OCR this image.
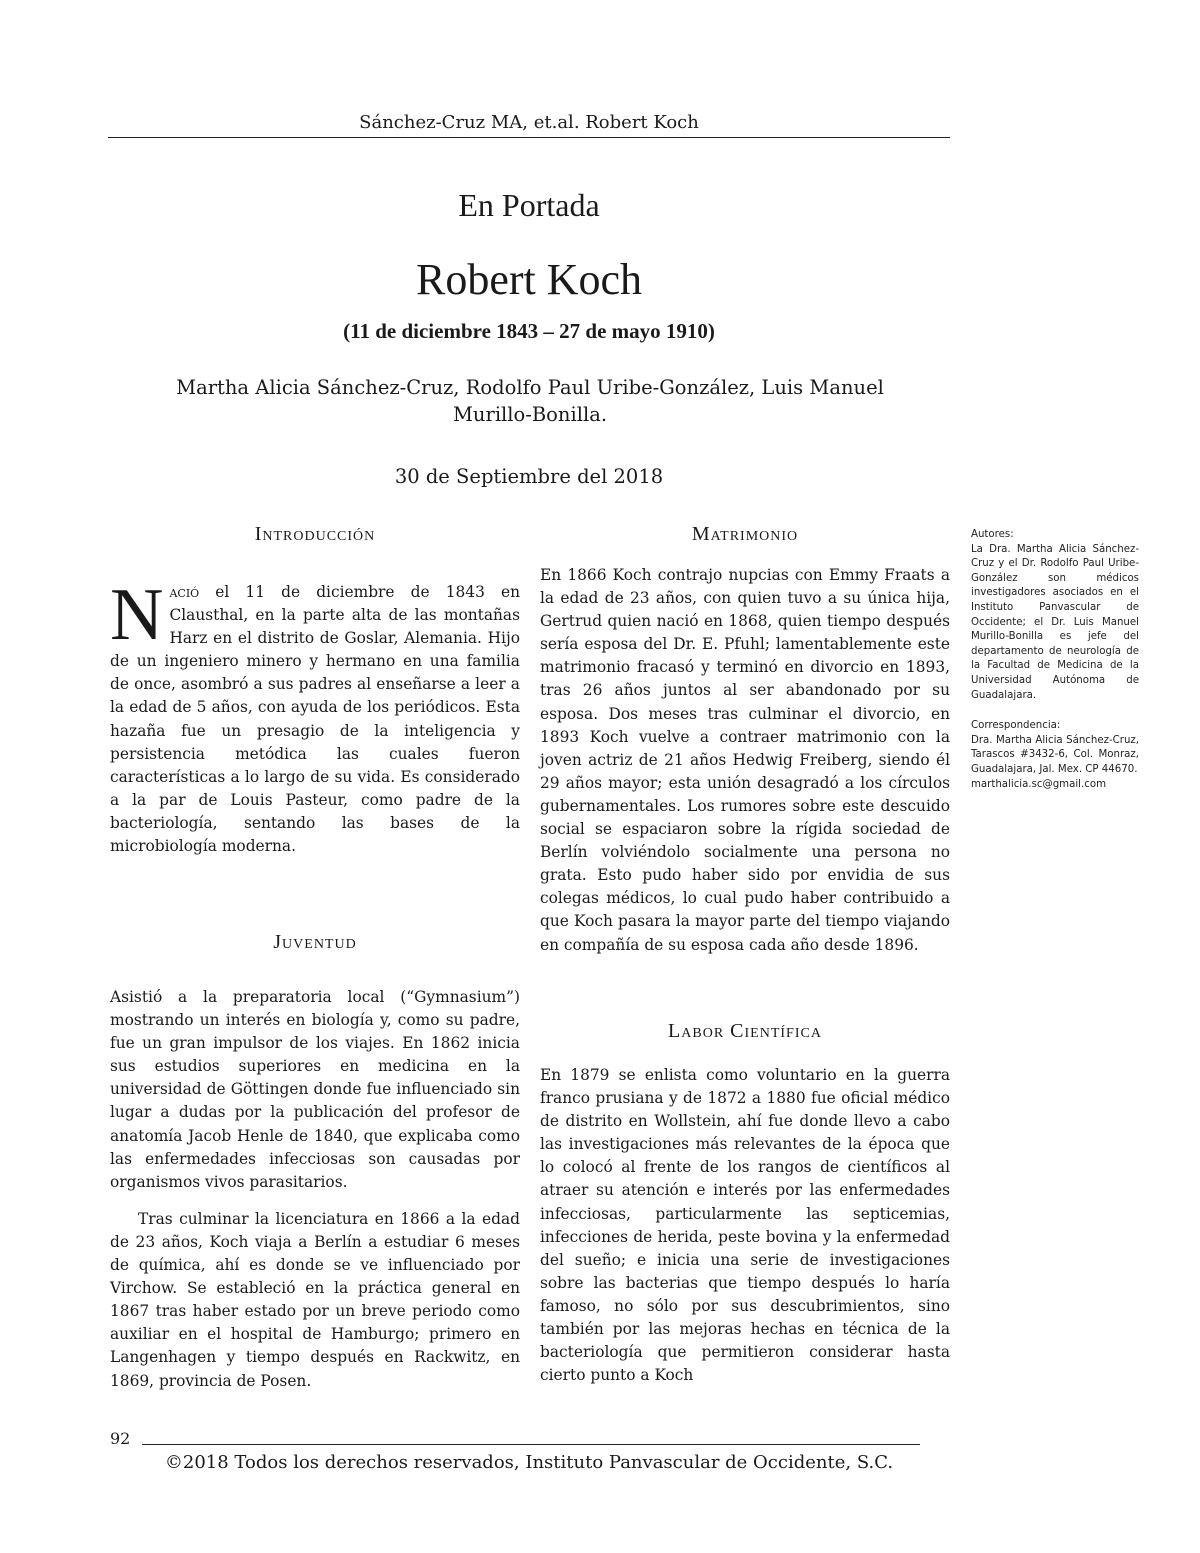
Sánchez-Cruz MA, et.al. Robert Koch
En Portada
Robert Koch
(11 de diciembre 1843 – 27 de mayo 1910)
Martha Alicia Sánchez-Cruz, Rodolfo Paul Uribe-González, Luis Manuel Murillo-Bonilla.
30 de Septiembre del 2018
Introducción

Nació el 11 de diciembre de 1843 en Clausthal, en la parte alta de las montañas Harz en el distrito de Goslar, Alemania. Hijo de un ingeniero minero y hermano en una familia de once, asombró a sus padres al enseñarse a leer a la edad de 5 años, con ayuda de los periódicos. Esta hazaña fue un presagio de la inteligencia y persistencia metódica las cuales fueron características a lo largo de su vida. Es considerado a la par de Louis Pasteur, como padre de la bacteriología, sentando las bases de la microbiología moderna.

Juventud

Asistió a la preparatoria local (“Gymnasium”) mostrando un interés en biología y, como su padre, fue un gran impulsor de los viajes. En 1862 inicia sus estudios superiores en medicina en la universidad de Göttingen donde fue influenciado sin lugar a dudas por la publicación del profesor de anatomía Jacob Henle de 1840, que explicaba como las enfermedades infecciosas son causadas por organismos vivos parasitarios.

Tras culminar la licenciatura en 1866 a la edad de 23 años, Koch viaja a Berlín a estudiar 6 meses de química, ahí es donde se ve influenciado por Virchow. Se estableció en la práctica general en 1867 tras haber estado por un breve periodo como auxiliar en el hospital de Hamburgo; primero en Langenhagen y tiempo después en Rackwitz, en 1869, provincia de Posen.

Matrimonio

En 1866 Koch contrajo nupcias con Emmy Fraats a la edad de 23 años, con quien tuvo a su única hija, Gertrud quien nació en 1868, quien tiempo después sería esposa del Dr. E. Pfuhl; lamentablemente este matrimonio fracasó y terminó en divorcio en 1893, tras 26 años juntos al ser abandonado por su esposa. Dos meses tras culminar el divorcio, en 1893 Koch vuelve a contraer matrimonio con la joven actriz de 21 años Hedwig Freiberg, siendo él 29 años mayor; esta unión desagradó a los círculos gubernamentales. Los rumores sobre este descuido social se espaciaron sobre la rígida sociedad de Berlín volviéndolo socialmente una persona no grata. Esto pudo haber sido por envidia de sus colegas médicos, lo cual pudo haber contribuido a que Koch pasara la mayor parte del tiempo viajando en compañía de su esposa cada año desde 1896.

Labor Científica

En 1879 se enlista como voluntario en la guerra franco prusiana y de 1872 a 1880 fue oficial médico de distrito en Wollstein, ahí fue donde llevo a cabo las investigaciones más relevantes de la época que lo colocó al frente de los rangos de científicos al atraer su atención e interés por las enfermedades infecciosas, particularmente las septicemias, infecciones de herida, peste bovina y la enfermedad del sueño; e inicia una serie de investigaciones sobre las bacterias que tiempo después lo haría famoso, no sólo por sus descubrimientos, sino también por las mejoras hechas en técnica de la bacteriología que permitieron considerar hasta cierto punto a Koch

Autores:

La Dra. Martha Alicia Sánchez-Cruz y el Dr. Rodolfo Paul Uribe-González son médicos investigadores asociados en el Instituto Panvascular de Occidente; el Dr. Luis Manuel Murillo-Bonilla es jefe del departamento de neurología de la Facultad de Medicina de la Universidad Autónoma de Guadalajara.

Correspondencia:

Dra. Martha Alicia Sánchez-Cruz, Tarascos #3432-6, Col. Monraz, Guadalajara, Jal. Mex. CP 44670.

marthalicia.sc@gmail.com

92
©2018 Todos los derechos reservados, Instituto Panvascular de Occidente, S.C.
